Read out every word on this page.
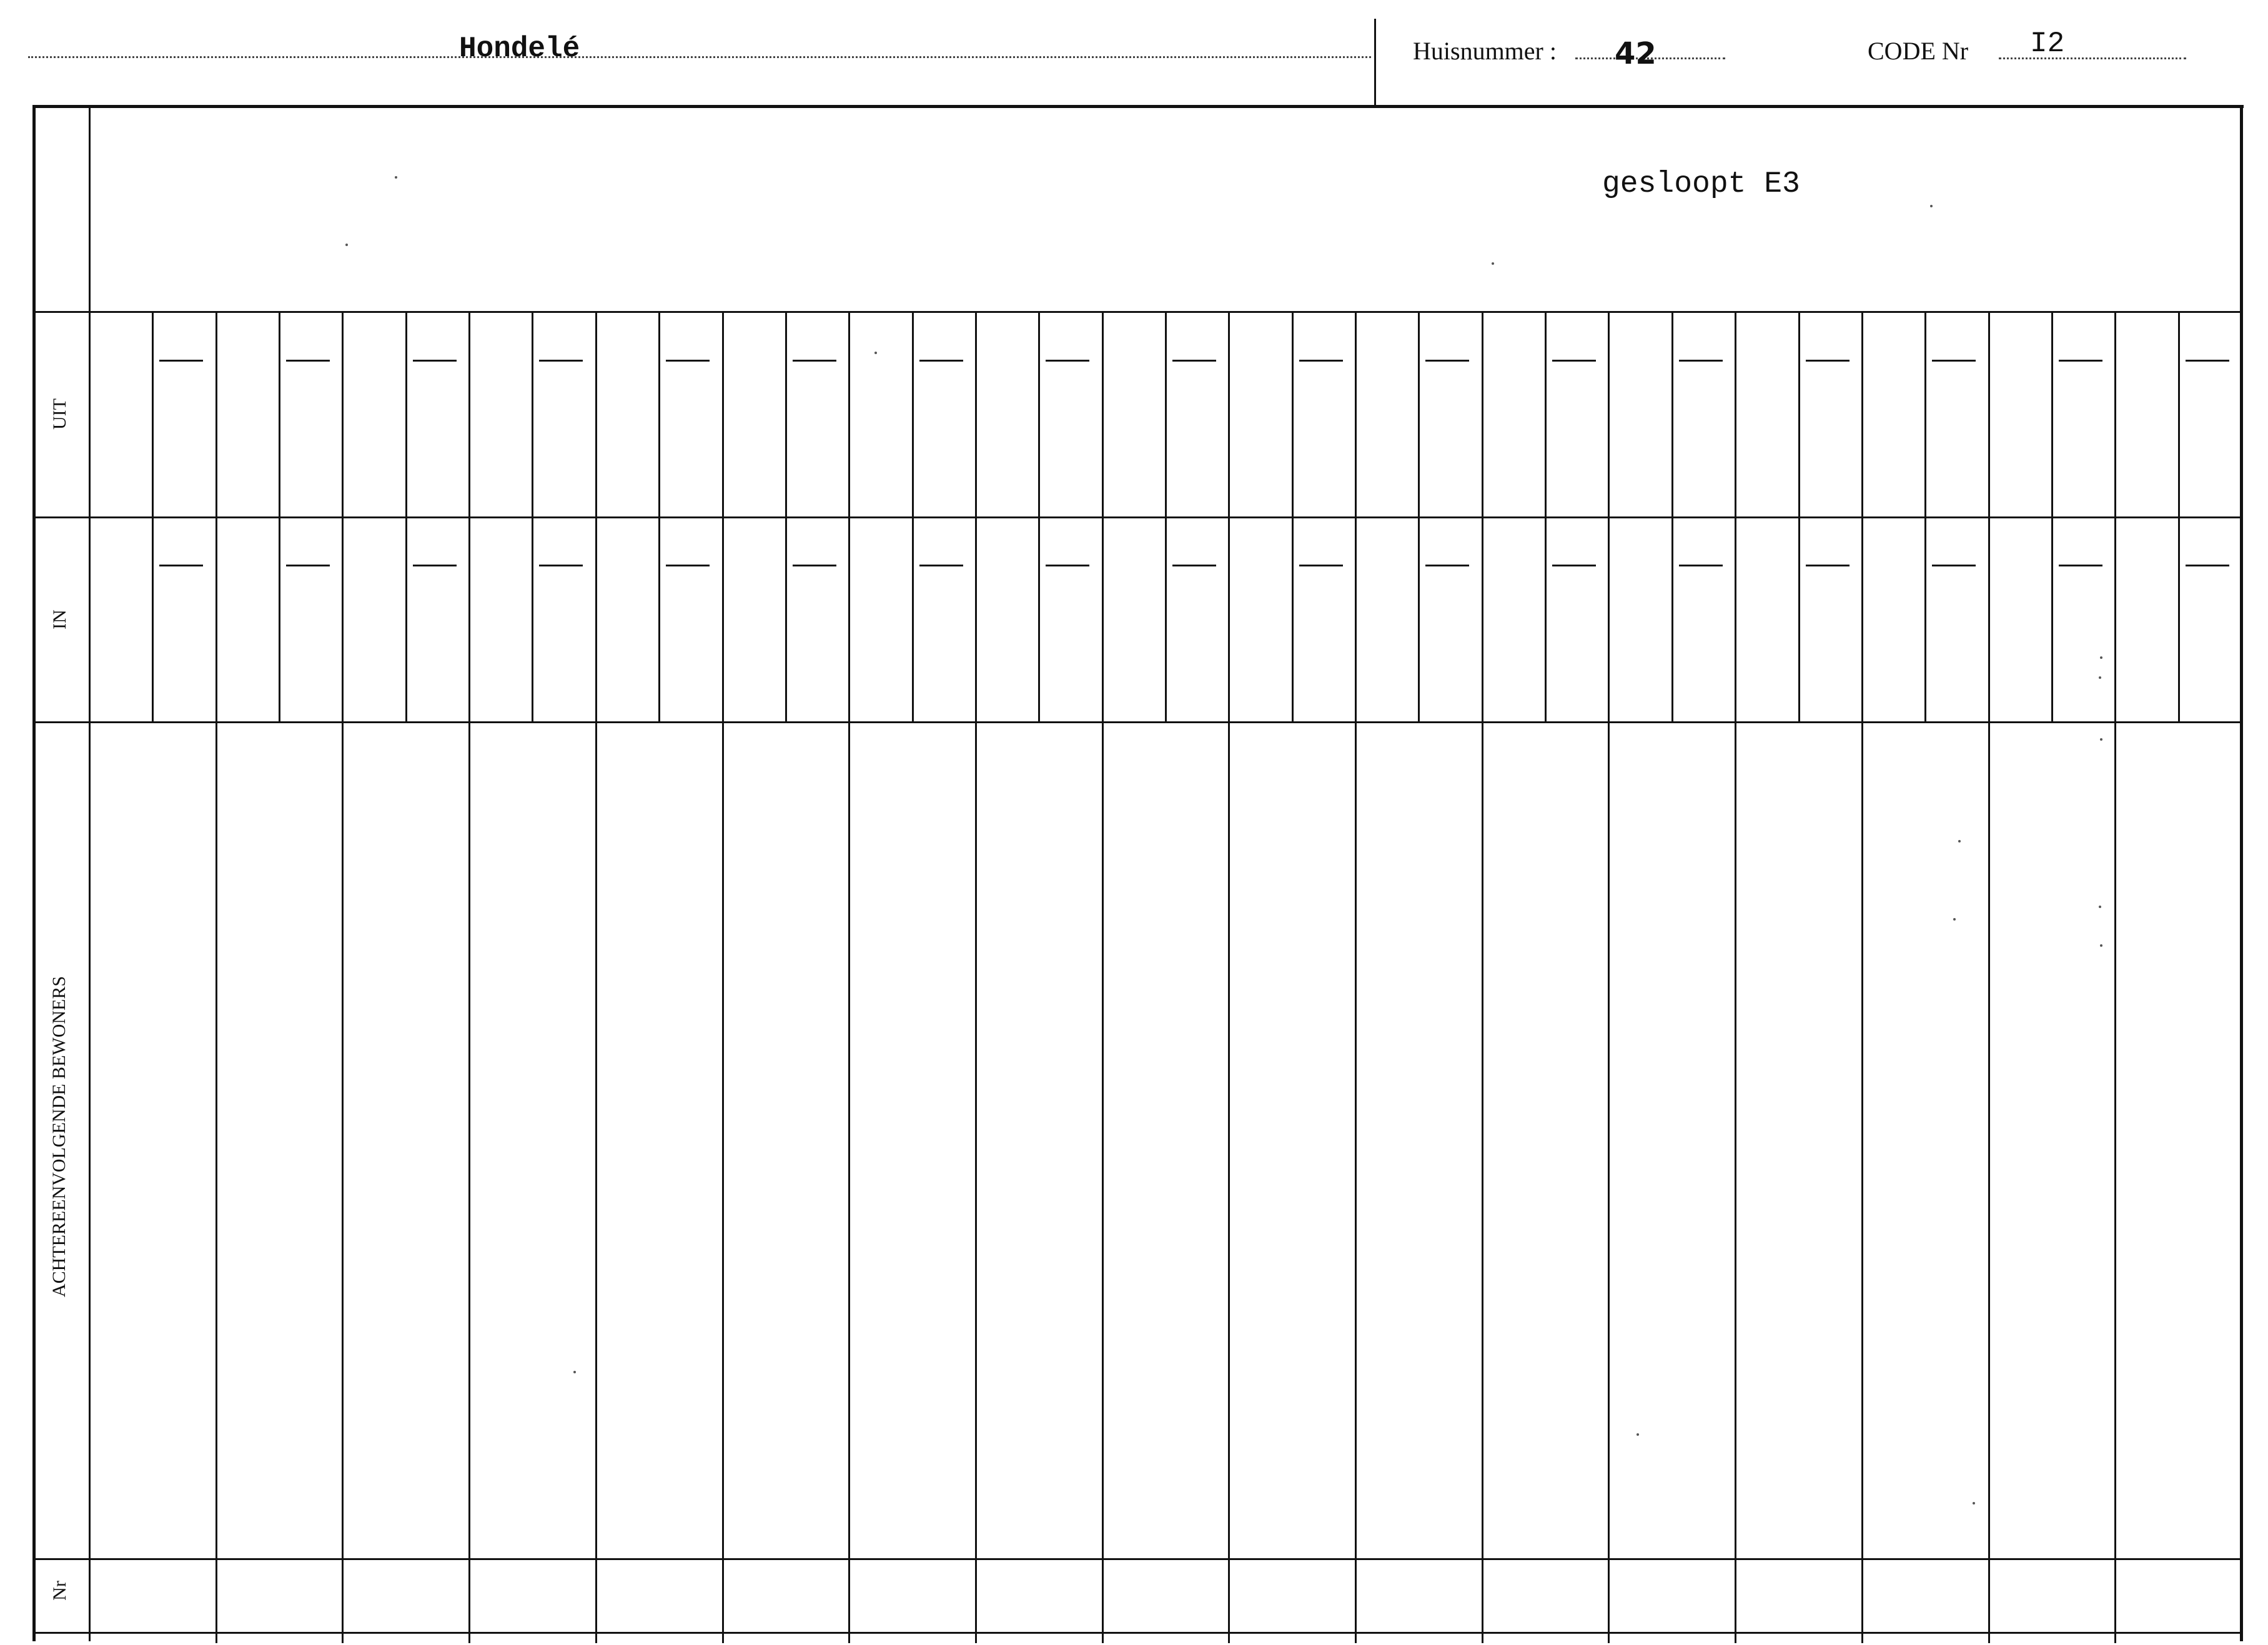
Hondelé	Huisnummer : 42	CODE Nr I2
gesloopt E3
UIT
IN
ACHTEREENVOLGENDE BEWONERS
Nr
